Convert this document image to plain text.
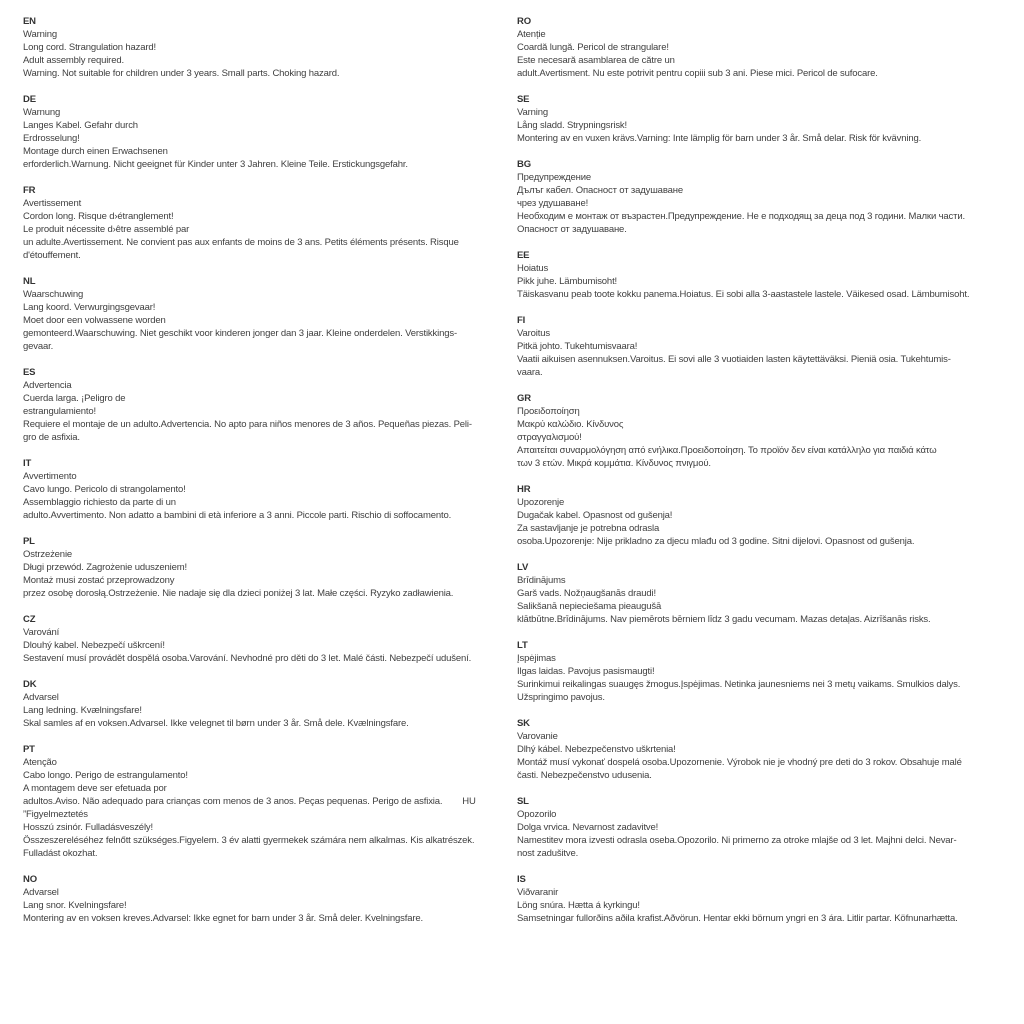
EN
Warning
Long cord. Strangulation hazard!
Adult assembly required.
Warning. Not suitable for children under 3 years. Small parts. Choking hazard.
DE
Warnung
Langes Kabel. Gefahr durch
Erdrosselung!
Montage durch einen Erwachsenen
erforderlich.Warnung. Nicht geeignet für Kinder unter 3 Jahren. Kleine Teile. Erstickungsgefahr.
FR
Avertissement
Cordon long. Risque d›étranglement!
Le produit nécessite d›être assemblé par
un adulte.Avertissement. Ne convient pas aux enfants de moins de 3 ans. Petits éléments présents. Risque
d'étouffement.
NL
Waarschuwing
Lang koord. Verwurgingsgevaar!
Moet door een volwassene worden
gemonteerd.Waarschuwing. Niet geschikt voor kinderen jonger dan 3 jaar. Kleine onderdelen. Verstikkings-
gevaar.
ES
Advertencia
Cuerda larga. ¡Peligro de
estrangulamiento!
Requiere el montaje de un adulto.Advertencia. No apto para niños menores de 3 años. Pequeñas piezas. Peli-
gro de asfixia.
IT
Avvertimento
Cavo lungo. Pericolo di strangolamento!
Assemblaggio richiesto da parte di un
adulto.Avvertimento. Non adatto a bambini di età inferiore a 3 anni. Piccole parti. Rischio di soffocamento.
PL
Ostrzeżenie
Długi przewód. Zagrożenie uduszeniem!
Montaż musi zostać przeprowadzony
przez osobę dorosłą.Ostrzeżenie. Nie nadaje się dla dzieci poniżej 3 lat. Małe części. Ryzyko zadławienia.
CZ
Varování
Dlouhý kabel. Nebezpečí uškrcení!
Sestavení musí provádět dospělá osoba.Varování. Nevhodné pro děti do 3 let. Malé části. Nebezpečí udušení.
DK
Advarsel
Lang ledning. Kvælningsfare!
Skal samles af en voksen.Advarsel. Ikke velegnet til børn under 3 år. Små dele. Kvælningsfare.
PT
Atenção
Cabo longo. Perigo de estrangulamento!
A montagem deve ser efetuada por
adultos.Aviso. Não adequado para crianças com menos de 3 anos. Peças pequenas. Perigo de asfixia.        HU
”Figyelmeztetés
Hosszú zsinór. Fulladásveszély!
Összeszereléséhez felnőtt szükséges.Figyelem. 3 év alatti gyermekek számára nem alkalmas. Kis alkatrészek.
Fulladást okozhat.
NO
Advarsel
Lang snor. Kvelningsfare!
Montering av en voksen kreves.Advarsel: Ikke egnet for barn under 3 år. Små deler. Kvelningsfare.
RO
Atenție
Coardă lungă. Pericol de strangulare!
Este necesară asamblarea de către un
adult.Avertisment. Nu este potrivit pentru copiii sub 3 ani. Piese mici. Pericol de sufocare.
SE
Varning
Lång sladd. Strypningsrisk!
Montering av en vuxen krävs.Varning: Inte lämplig för barn under 3 år. Små delar. Risk för kvävning.
BG
Предупреждение
Дълъг кабел. Опасност от задушаване
чрез удушаване!
Необходим е монтаж от възрастен.Предупреждение. Не е подходящ за деца под 3 години. Малки части.
Опасност от задушаване.
EE
Hoiatus
Pikk juhe. Lämbumisoht!
Täiskasvanu peab toote kokku panema.Hoiatus. Ei sobi alla 3-aastastele lastele. Väikesed osad. Lämbumisoht.
FI
Varoitus
Pitkä johto. Tukehtumisvaara!
Vaatii aikuisen asennuksen.Varoitus. Ei sovi alle 3 vuotiaiden lasten käytettäväksi. Pieniä osia. Tukehtumis-
vaara.
GR
Προειδοποίηση
Μακρύ καλώδιο. Κίνδυνος
στραγγαλισμού!
Απαιτείται συναρμολόγηση από ενήλικα.Προειδοποίηση. Το προϊόν δεν είναι κατάλληλο για παιδιά κάτω
των 3 ετών. Μικρά κομμάτια. Κίνδυνος πνιγμού.
HR
Upozorenje
Dugačak kabel. Opasnost od gušenja!
Za sastavljanje je potrebna odrasla
osoba.Upozorenje: Nije prikladno za djecu mlađu od 3 godine. Sitni dijelovi. Opasnost od gušenja.
LV
Brīdinājums
Garš vads. Nožņaugšanās draudi!
Salikšanā nepieciešama pieaugušā
klātbūtne.Brīdinājums. Nav piemērots bērniem līdz 3 gadu vecumam. Mazas detaļas. Aizrīšanās risks.
LT
Įspėjimas
Ilgas laidas. Pavojus pasismaugti!
Surinkimui reikalingas suaugęs žmogus.Įspėjimas. Netinka jaunesniems nei 3 metų vaikams. Smulkios dalys.
Užspringimo pavojus.
SK
Varovanie
Dlhý kábel. Nebezpečenstvo uškrtenia!
Montáž musí vykonať dospelá osoba.Upozornenie. Výrobok nie je vhodný pre deti do 3 rokov. Obsahuje malé
časti. Nebezpečenstvo udusenia.
SL
Opozorilo
Dolga vrvica. Nevarnost zadavitve!
Namestitev mora izvesti odrasla oseba.Opozorilo. Ni primerno za otroke mlajše od 3 let. Majhni delci. Nevar-
nost zadušitve.
IS
Viðvaranir
Löng snúra. Hætta á kyrkingu!
Samsetningar fullorðins aðila krafist.Aðvörun. Hentar ekki börnum yngri en 3 ára. Litlir partar. Köfnunarhætta.
